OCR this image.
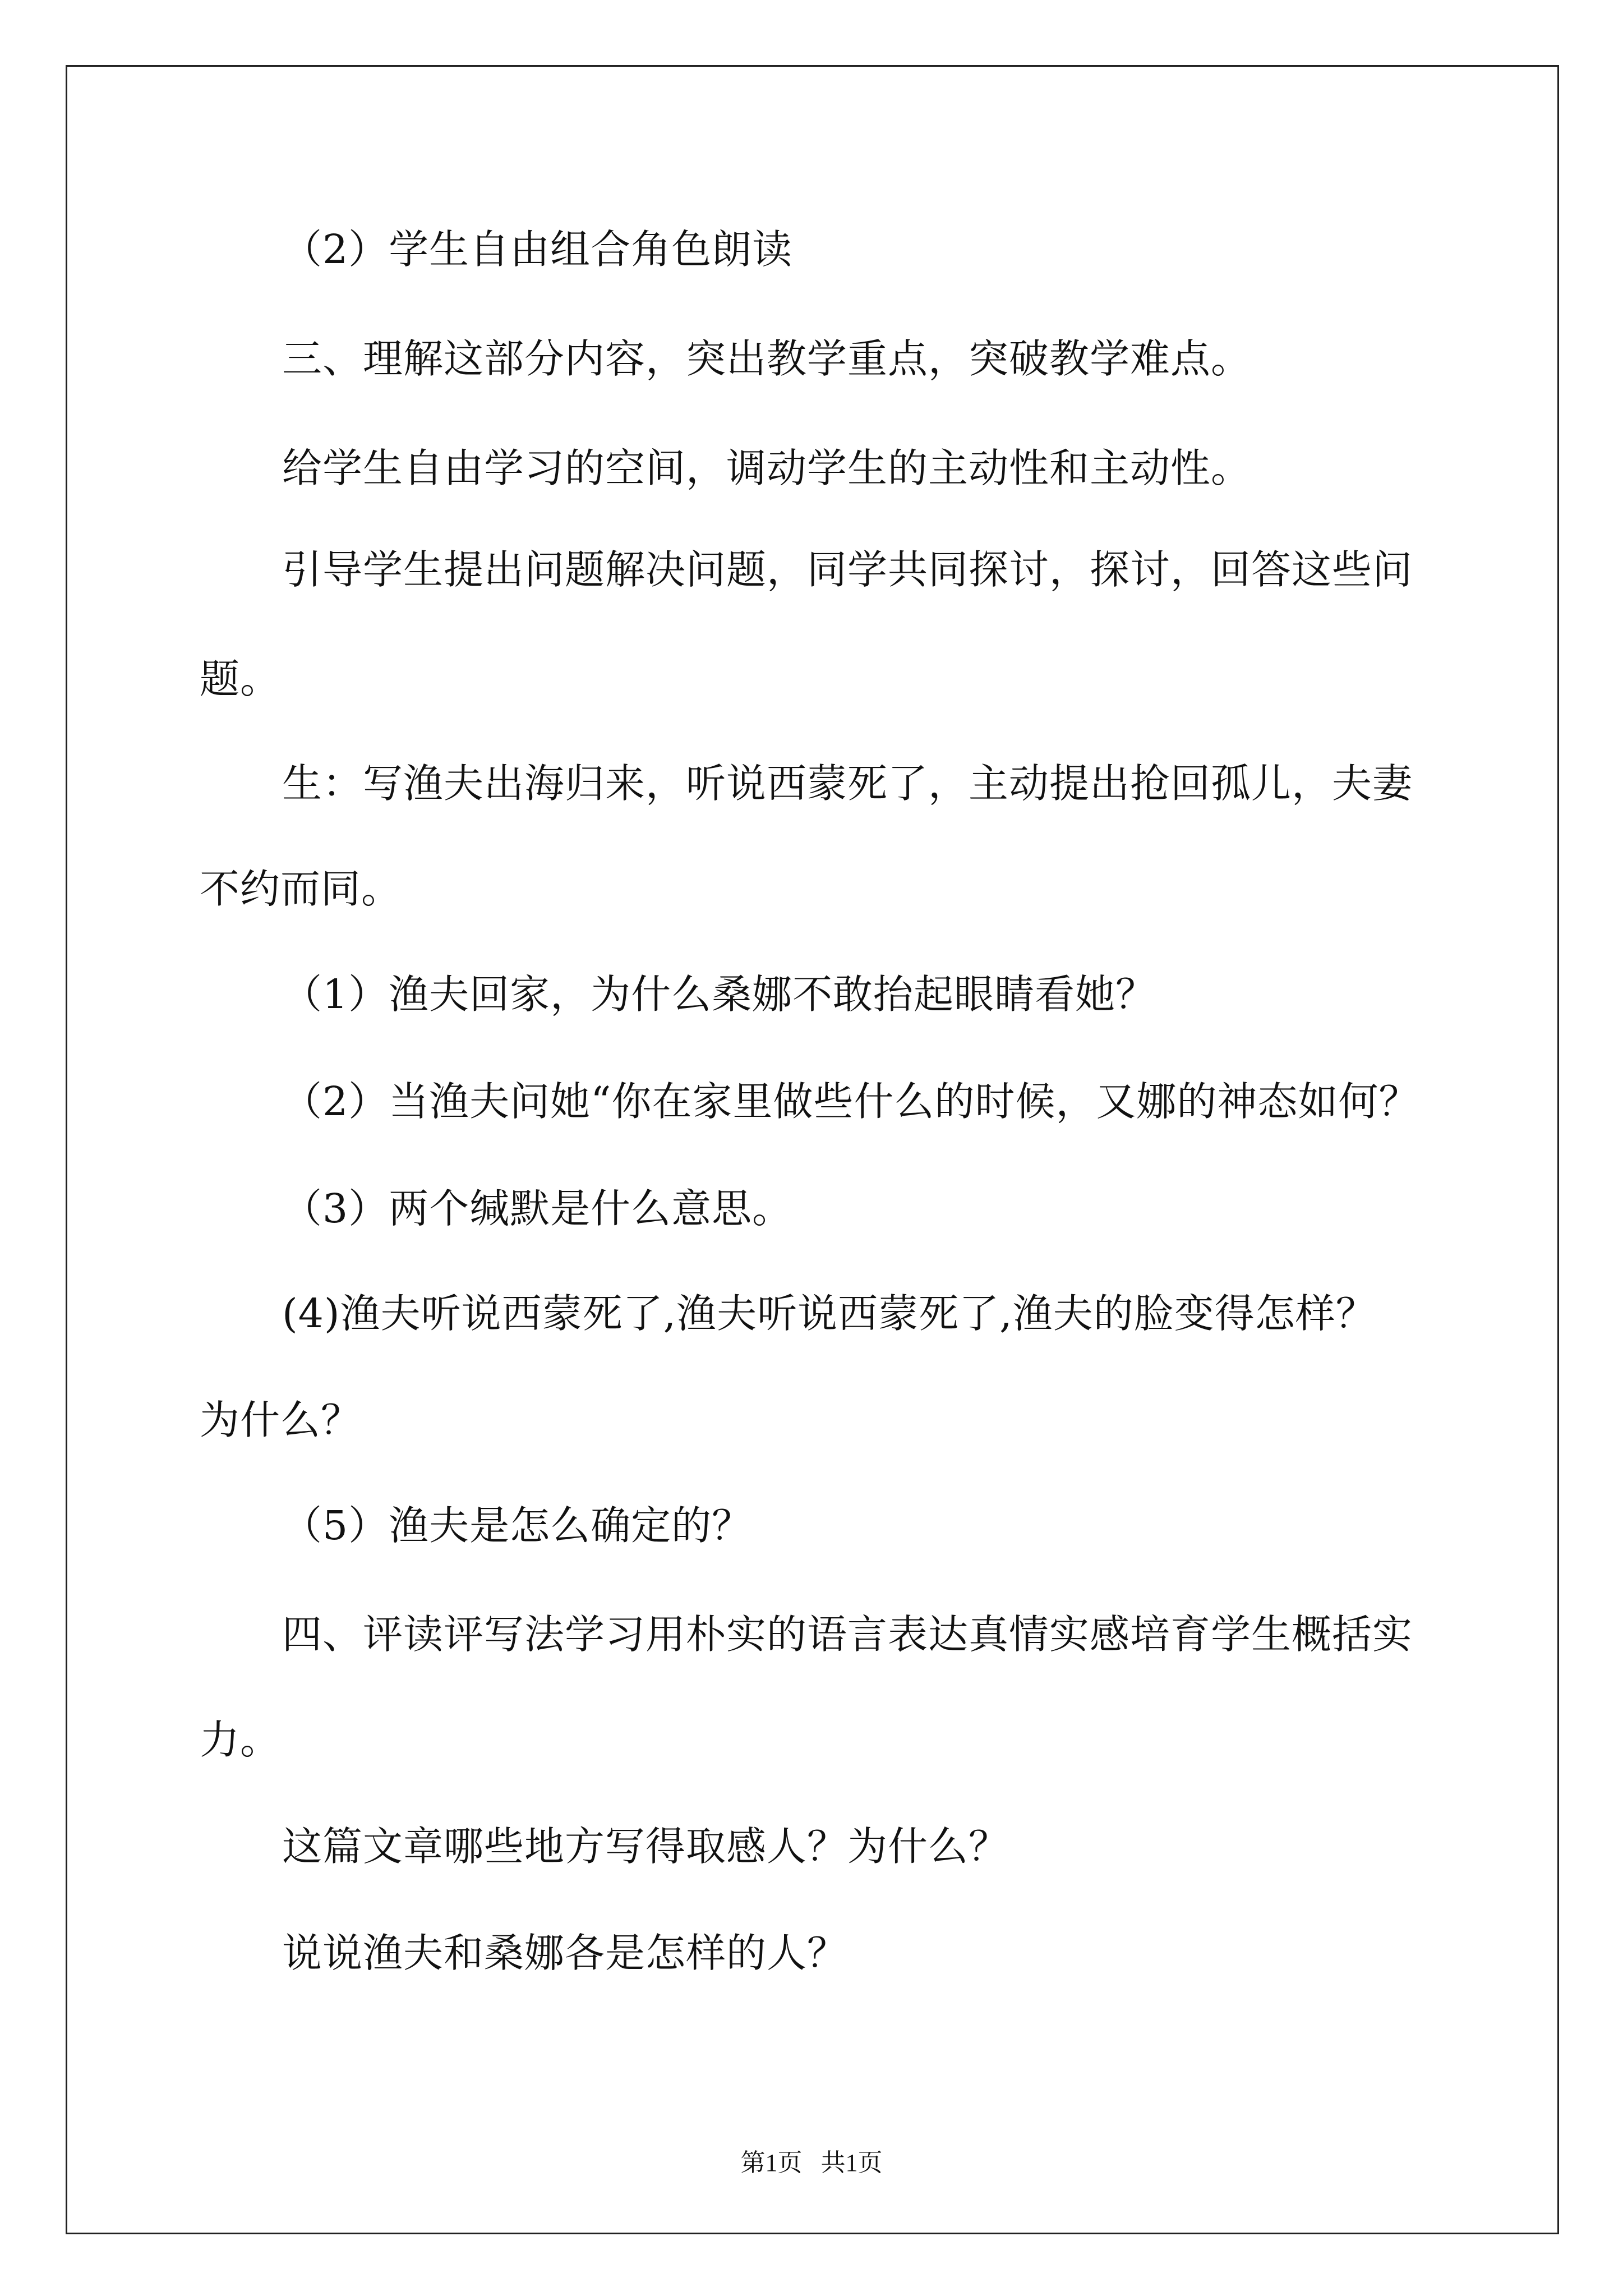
（2）学生自由组合角色朗读
三、理解这部分内容，突出教学重点，突破教学难点。
给学生自由学习的空间，调动学生的主动性和主动性。
引导学生提出问题解决问题，同学共同探讨，探讨，回答这些问
题。
生：写渔夫出海归来，听说西蒙死了，主动提出抢回孤儿，夫妻
不约而同。
（1）渔夫回家，为什么桑娜不敢抬起眼睛看她？
（2）当渔夫问她“你在家里做些什么的时候，又娜的神态如何？
（3）两个缄默是什么意思。
(4)渔夫听说西蒙死了,渔夫听说西蒙死了,渔夫的脸变得怎样？
为什么？
（5）渔夫是怎么确定的？
四、评读评写法学习用朴实的语言表达真情实感培育学生概括实
力。
这篇文章哪些地方写得取感人？为什么？
说说渔夫和桑娜各是怎样的人？
第1页 共1页
